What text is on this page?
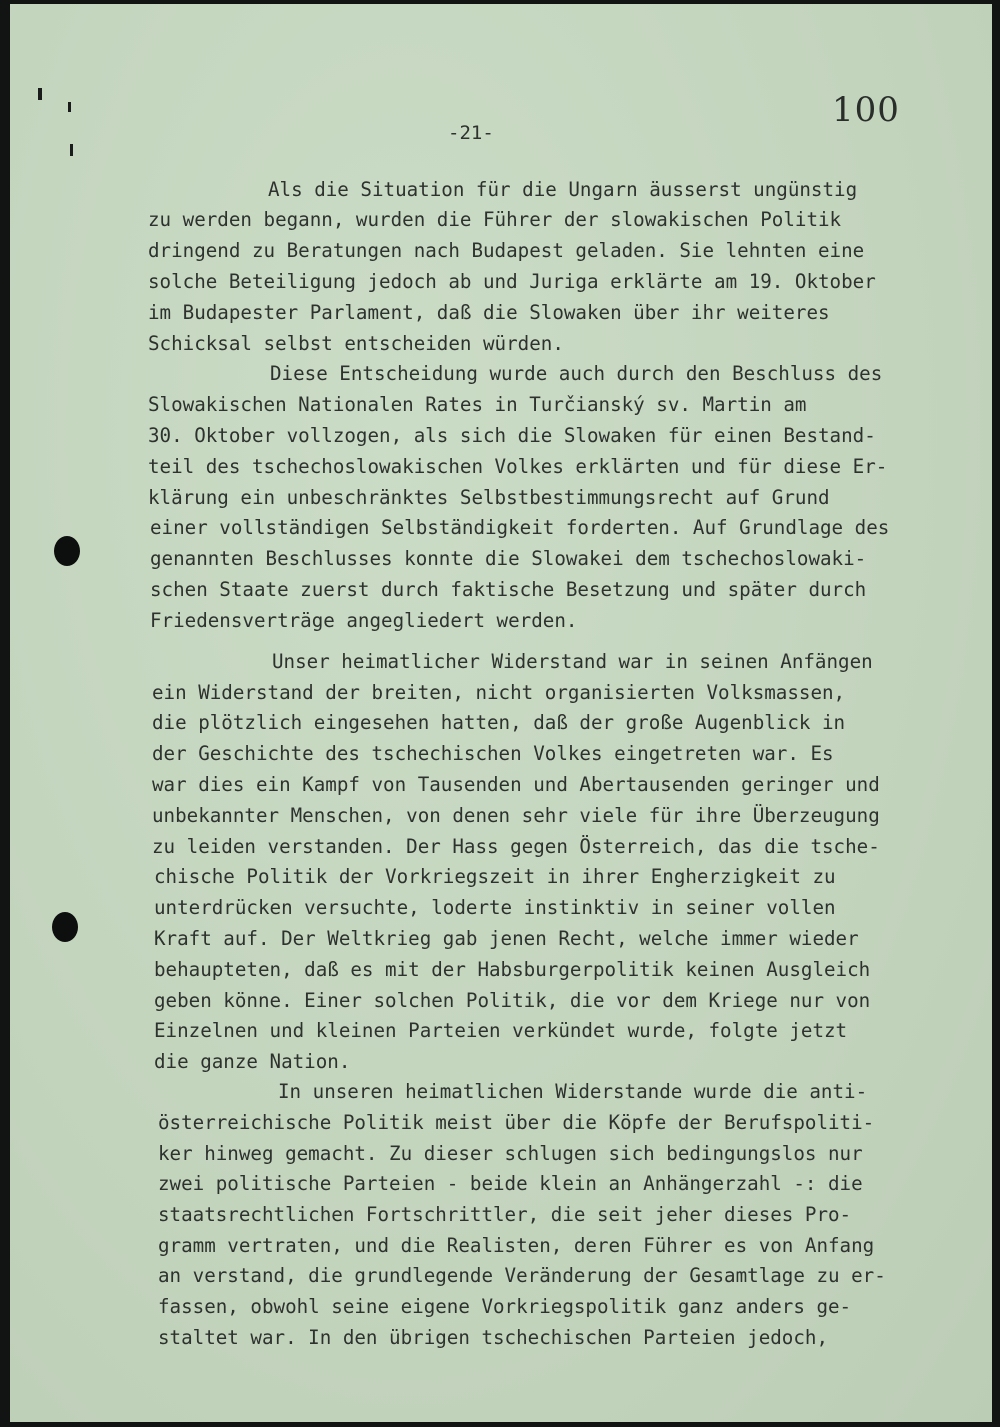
100
-21-
Als die Situation für die Ungarn äusserst ungünstig
zu werden begann, wurden die Führer der slowakischen Politik
dringend zu Beratungen nach Budapest geladen. Sie lehnten eine
solche Beteiligung jedoch ab und Juriga erklärte am 19. Oktober
im Budapester Parlament, daß die Slowaken über ihr weiteres
Schicksal selbst entscheiden würden.
Diese Entscheidung wurde auch durch den Beschluss des
Slowakischen Nationalen Rates in Turčianský sv. Martin am
30. Oktober vollzogen, als sich die Slowaken für einen Bestand-
teil des tschechoslowakischen Volkes erklärten und für diese Er-
klärung ein unbeschränktes Selbstbestimmungsrecht auf Grund
einer vollständigen Selbständigkeit forderten. Auf Grundlage des
genannten Beschlusses konnte die Slowakei dem tschechoslowaki-
schen Staate zuerst durch faktische Besetzung und später durch
Friedensverträge angegliedert werden.
Unser heimatlicher Widerstand war in seinen Anfängen
ein Widerstand der breiten, nicht organisierten Volksmassen,
die plötzlich eingesehen hatten, daß der große Augenblick in
der Geschichte des tschechischen Volkes eingetreten war. Es
war dies ein Kampf von Tausenden und Abertausenden geringer und
unbekannter Menschen, von denen sehr viele für ihre Überzeugung
zu leiden verstanden. Der Hass gegen Österreich, das die tsche-
chische Politik der Vorkriegszeit in ihrer Engherzigkeit zu
unterdrücken versuchte, loderte instinktiv in seiner vollen
Kraft auf. Der Weltkrieg gab jenen Recht, welche immer wieder
behaupteten, daß es mit der Habsburgerpolitik keinen Ausgleich
geben könne. Einer solchen Politik, die vor dem Kriege nur von
Einzelnen und kleinen Parteien verkündet wurde, folgte jetzt
die ganze Nation.
In unseren heimatlichen Widerstande wurde die anti-
österreichische Politik meist über die Köpfe der Berufspoliti-
ker hinweg gemacht. Zu dieser schlugen sich bedingungslos nur
zwei politische Parteien - beide klein an Anhängerzahl -: die
staatsrechtlichen Fortschrittler, die seit jeher dieses Pro-
gramm vertraten, und die Realisten, deren Führer es von Anfang
an verstand, die grundlegende Veränderung der Gesamtlage zu er-
fassen, obwohl seine eigene Vorkriegspolitik ganz anders ge-
staltet war. In den übrigen tschechischen Parteien jedoch,
